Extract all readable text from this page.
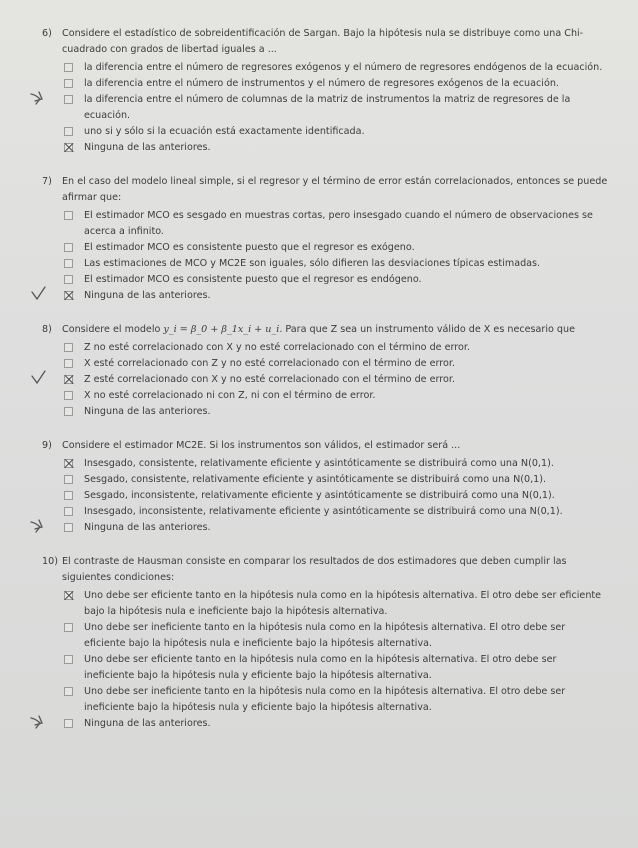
6) Considere el estadístico de sobreidentificación de Sargan. Bajo la hipótesis nula se distribuye como una Chi-cuadrado con grados de libertad iguales a ...
la diferencia entre el número de regresores exógenos y el número de regresores endógenos de la ecuación.
la diferencia entre el número de instrumentos y el número de regresores exógenos de la ecuación.
la diferencia entre el número de columnas de la matriz de instrumentos la matriz de regresores de la ecuación.
uno si y sólo si la ecuación está exactamente identificada.
Ninguna de las anteriores.
7) En el caso del modelo lineal simple, si el regresor y el término de error están correlacionados, entonces se puede afirmar que:
El estimador MCO es sesgado en muestras cortas, pero insesgado cuando el número de observaciones se acerca a infinito.
El estimador MCO es consistente puesto que el regresor es exógeno.
Las estimaciones de MCO y MC2E son iguales, sólo difieren las desviaciones típicas estimadas.
El estimador MCO es consistente puesto que el regresor es endógeno.
Ninguna de las anteriores.
8) Considere el modelo y_i = β_0 + β_1x_i + u_i. Para que Z sea un instrumento válido de X es necesario que
Z no esté correlacionado con X y no esté correlacionado con el término de error.
X esté correlacionado con Z y no esté correlacionado con el término de error.
Z esté correlacionado con X y no esté correlacionado con el término de error.
X no esté correlacionado ni con Z, ni con el término de error.
Ninguna de las anteriores.
9) Considere el estimador MC2E. Si los instrumentos son válidos, el estimador será ...
Insesgado, consistente, relativamente eficiente y asintóticamente se distribuirá como una N(0,1).
Sesgado, consistente, relativamente eficiente y asintóticamente se distribuirá como una N(0,1).
Sesgado, inconsistente, relativamente eficiente y asintóticamente se distribuirá como una N(0,1).
Insesgado, inconsistente, relativamente eficiente y asintóticamente se distribuirá como una N(0,1).
Ninguna de las anteriores.
10) El contraste de Hausman consiste en comparar los resultados de dos estimadores que deben cumplir las siguientes condiciones:
Uno debe ser eficiente tanto en la hipótesis nula como en la hipótesis alternativa. El otro debe ser eficiente bajo la hipótesis nula e ineficiente bajo la hipótesis alternativa.
Uno debe ser ineficiente tanto en la hipótesis nula como en la hipótesis alternativa. El otro debe ser eficiente bajo la hipótesis nula e ineficiente bajo la hipótesis alternativa.
Uno debe ser eficiente tanto en la hipótesis nula como en la hipótesis alternativa. El otro debe ser ineficiente bajo la hipótesis nula y eficiente bajo la hipótesis alternativa.
Uno debe ser ineficiente tanto en la hipótesis nula como en la hipótesis alternativa. El otro debe ser ineficiente bajo la hipótesis nula y eficiente bajo la hipótesis alternativa.
Ninguna de las anteriores.
